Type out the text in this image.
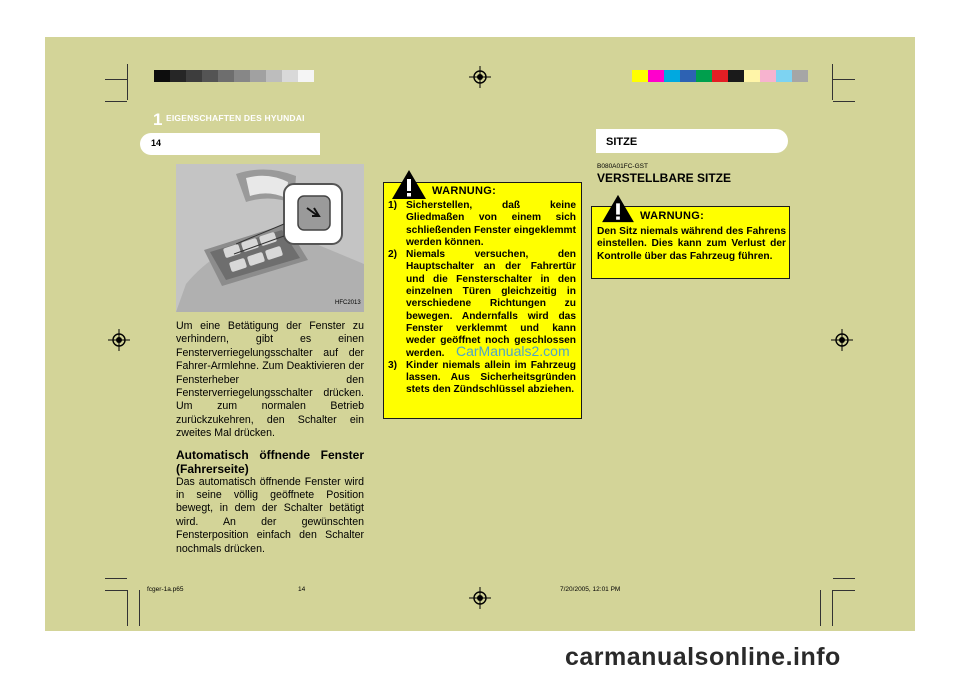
1 EIGENSCHAFTEN DES HYUNDAI
14	SITZE
HFC2013

Um eine Betätigung der Fenster zu verhindern, gibt es einen Fensterverriegelungsschalter auf der Fahrer-Armlehne. Zum Deaktivieren der Fensterheber den Fensterverriegelungsschalter drücken. Um zum normalen Betrieb zurückzukehren, den Schalter ein zweites Mal drücken.

Automatisch öffnende Fenster (Fahrerseite)

Das automatisch öffnende Fenster wird in seine völlig geöffnete Position bewegt, in dem der Schalter betätigt wird. An der gewünschten Fensterposition einfach den Schalter nochmals drücken.

WARNUNG:
1) Sicherstellen, daß keine Gliedmaßen von einem sich schließenden Fenster eingeklemmt werden können.
2) Niemals versuchen, den Hauptschalter an der Fahrertür und die Fensterschalter in den einzelnen Türen gleichzeitig in verschiedene Richtungen zu bewegen. Andernfalls wird das Fenster verklemmt und kann weder geöffnet noch geschlossen werden.
3) Kinder niemals allein im Fahrzeug lassen. Aus Sicherheitsgründen stets den Zündschlüssel abziehen.
B080A01FC-GST
VERSTELLBARE SITZE
WARNUNG:
Den Sitz niemals während des Fahrens einstellen. Dies kann zum Verlust der Kontrolle über das Fahrzeug führen.
CarManuals2.com
fcger-1a.p65	14	7/20/2005, 12:01 PM
carmanualsonline.info
